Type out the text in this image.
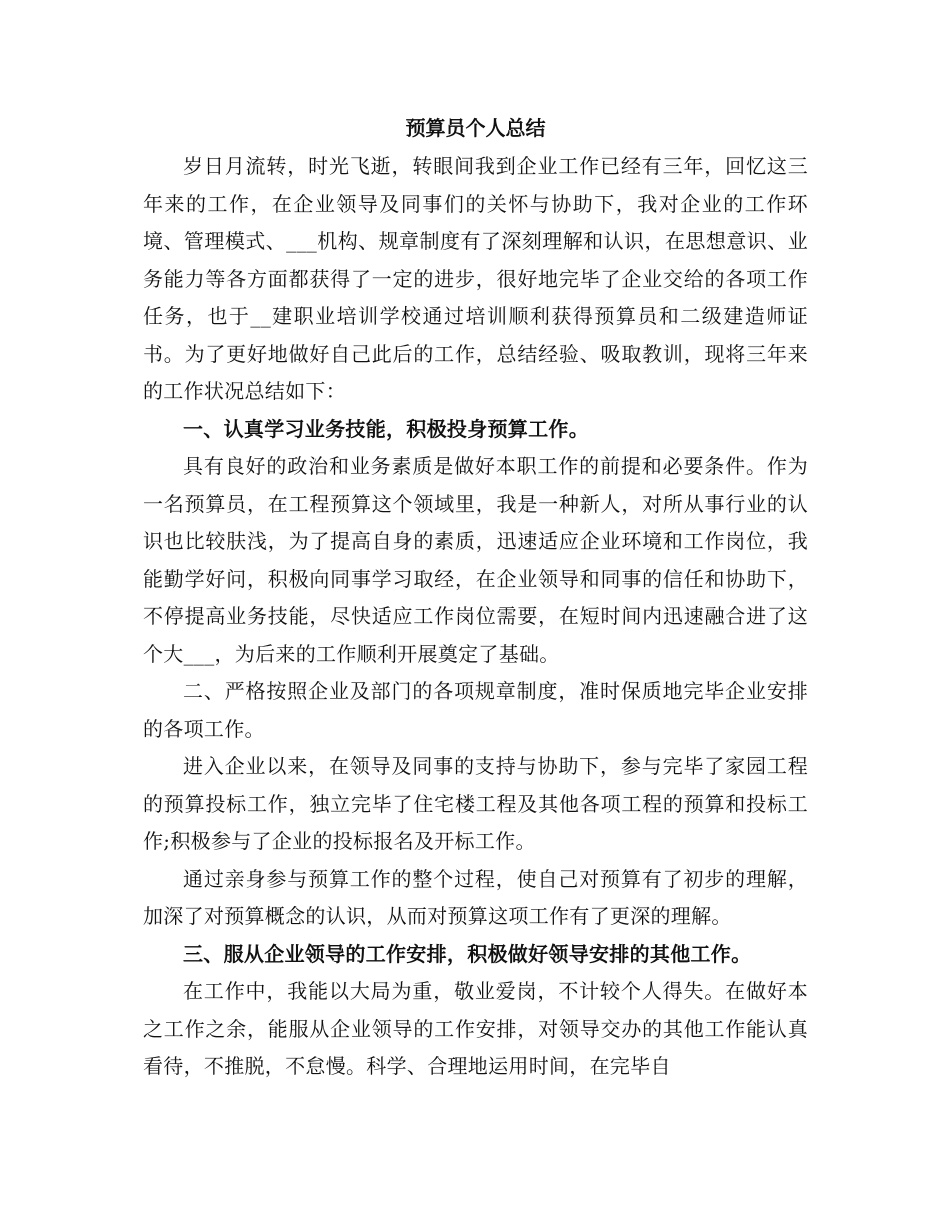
预算员个人总结

岁日月流转，时光飞逝，转眼间我到企业工作已经有三年，回忆这三年来的工作，在企业领导及同事们的关怀与协助下，我对企业的工作环境、管理模式、___机构、规章制度有了深刻理解和认识，在思想意识、业务能力等各方面都获得了一定的进步，很好地完毕了企业交给的各项工作任务，也于__建职业培训学校通过培训顺利获得预算员和二级建造师证书。为了更好地做好自己此后的工作，总结经验、吸取教训，现将三年来的工作状况总结如下：

一、认真学习业务技能，积极投身预算工作。

具有良好的政治和业务素质是做好本职工作的前提和必要条件。作为一名预算员，在工程预算这个领域里，我是一种新人，对所从事行业的认识也比较肤浅，为了提高自身的素质，迅速适应企业环境和工作岗位，我能勤学好问，积极向同事学习取经，在企业领导和同事的信任和协助下，不停提高业务技能，尽快适应工作岗位需要，在短时间内迅速融合进了这个大___，为后来的工作顺利开展奠定了基础。

二、严格按照企业及部门的各项规章制度，准时保质地完毕企业安排的各项工作。

进入企业以来，在领导及同事的支持与协助下，参与完毕了家园工程的预算投标工作，独立完毕了住宅楼工程及其他各项工程的预算和投标工作;积极参与了企业的投标报名及开标工作。

通过亲身参与预算工作的整个过程，使自己对预算有了初步的理解，加深了对预算概念的认识，从而对预算这项工作有了更深的理解。

三、服从企业领导的工作安排，积极做好领导安排的其他工作。

在工作中，我能以大局为重，敬业爱岗，不计较个人得失。在做好本之工作之余，能服从企业领导的工作安排，对领导交办的其他工作能认真看待，不推脱，不怠慢。科学、合理地运用时间，在完毕自
